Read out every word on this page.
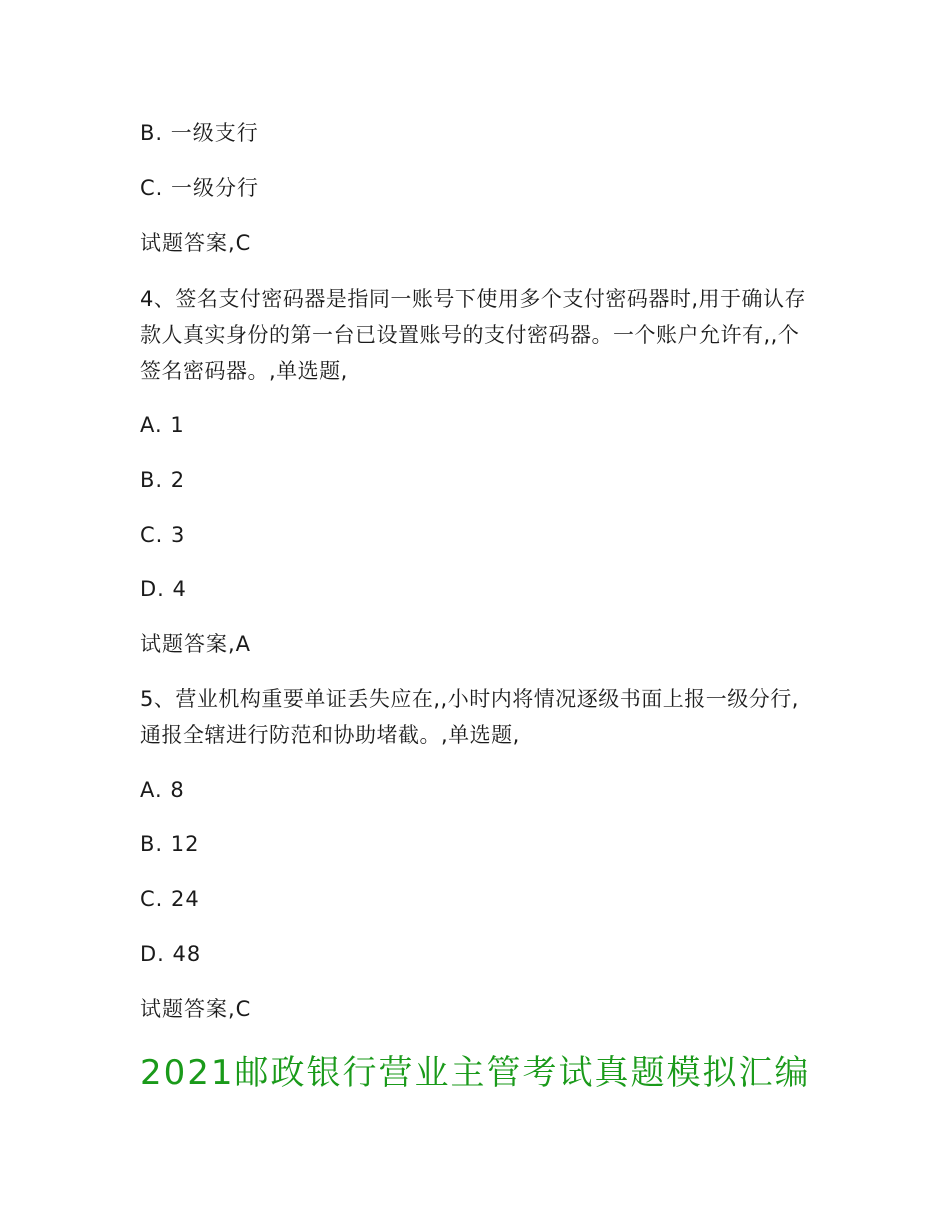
B. 一级支行
C. 一级分行
试题答案,C
4、签名支付密码器是指同一账号下使用多个支付密码器时,用于确认存款人真实身份的第一台已设置账号的支付密码器。一个账户允许有,,个签名密码器。,单选题,
A. 1
B. 2
C. 3
D. 4
试题答案,A
5、营业机构重要单证丢失应在,,小时内将情况逐级书面上报一级分行,通报全辖进行防范和协助堵截。,单选题,
A. 8
B. 12
C. 24
D. 48
试题答案,C
2021邮政银行营业主管考试真题模拟汇编
